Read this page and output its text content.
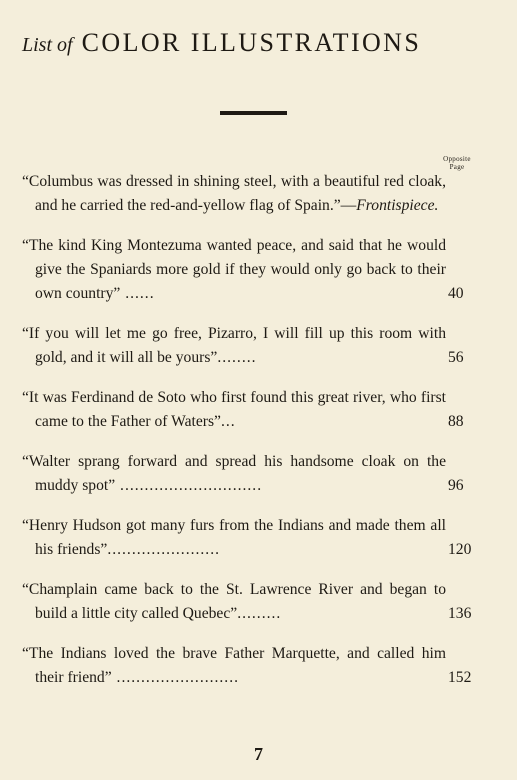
List of COLOR ILLUSTRATIONS
Opposite
Page
“Columbus was dressed in shining steel, with a beautiful red cloak, and he carried the red-and-yellow flag of Spain.”—Frontispiece.
“The kind King Montezuma wanted peace, and said that he would give the Spaniards more gold if they would only go back to their own country” ......	40
“If you will let me go free, Pizarro, I will fill up this room with gold, and it will all be yours”........	56
“It was Ferdinand de Soto who first found this great river, who first came to the Father of Waters”...	88
“Walter sprang forward and spread his handsome cloak on the muddy spot” .............................	96
“Henry Hudson got many furs from the Indians and made them all his friends”.......................	120
“Champlain came back to the St. Lawrence River and began to build a little city called Quebec”.........	136
“The Indians loved the brave Father Marquette, and called him their friend” .........................	152
7
